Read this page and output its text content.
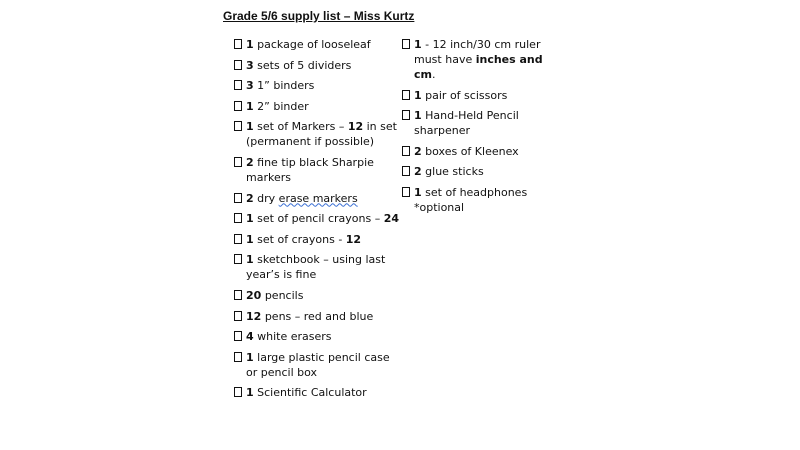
Grade 5/6 supply list – Miss Kurtz
1 package of looseleaf
3 sets of 5 dividers
3 1” binders
1 2” binder
1 set of Markers – 12 in set (permanent if possible)
2 fine tip black Sharpie markers
2 dry erase markers
1 set of pencil crayons – 24
1 set of crayons - 12
1 sketchbook – using last year’s is fine
20 pencils
12 pens – red and blue
4 white erasers
1 large plastic pencil case or pencil box
1 Scientific Calculator
1 - 12 inch/30 cm ruler must have inches and cm.
1 pair of scissors
1 Hand-Held Pencil sharpener
2 boxes of Kleenex
2 glue sticks
1 set of headphones *optional
